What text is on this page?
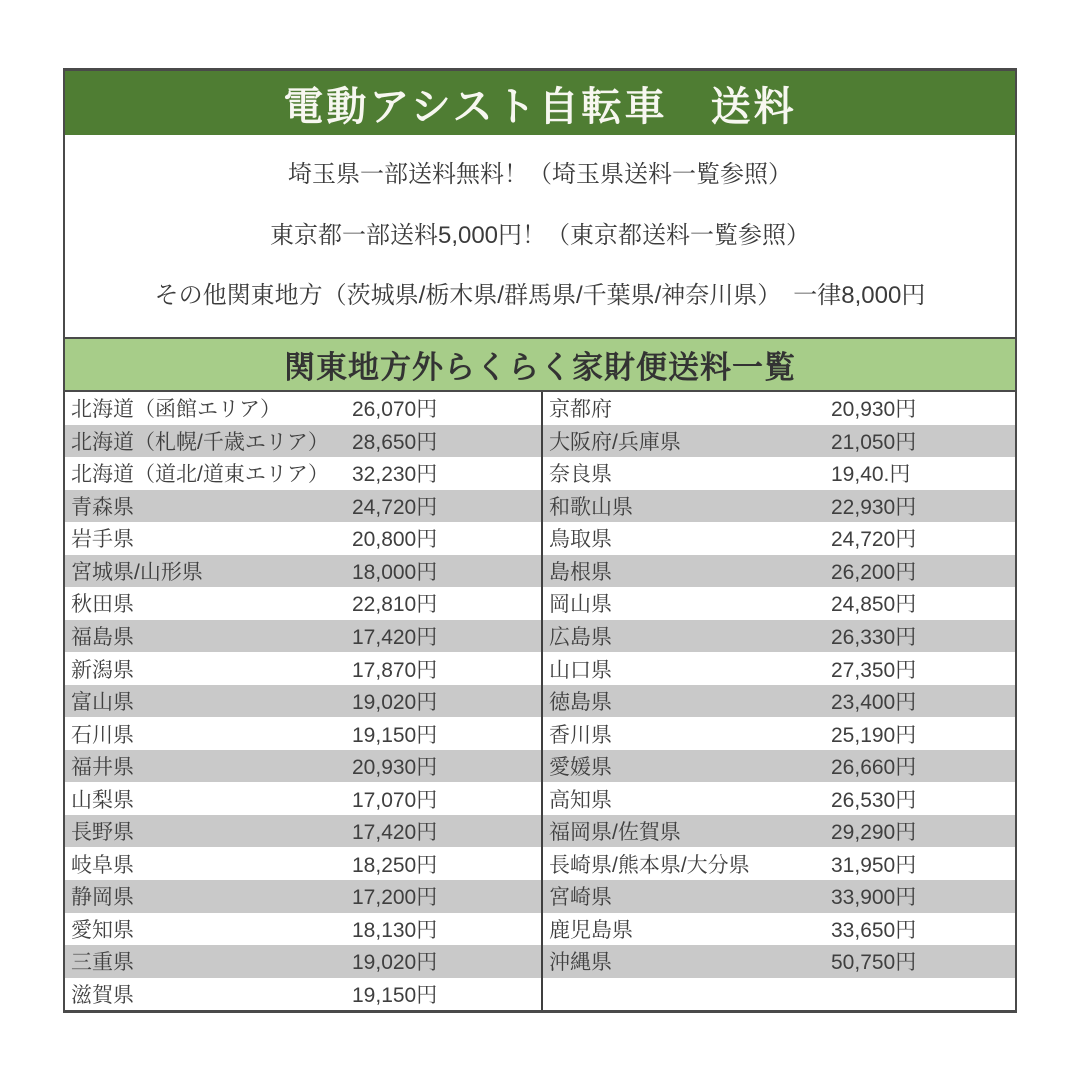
電動アシスト自転車　送料
埼玉県一部送料無料！（埼玉県送料一覧参照）
東京都一部送料5,000円！（東京都送料一覧参照）
その他関東地方（茨城県/栃木県/群馬県/千葉県/神奈川県）　一律8,000円
関東地方外らくらく家財便送料一覧
北海道（函館エリア）	26,070円	京都府	20,930円
北海道（札幌/千歳エリア）	28,650円	大阪府/兵庫県	21,050円
北海道（道北/道東エリア）	32,230円	奈良県	19,40.円
青森県	24,720円	和歌山県	22,930円
岩手県	20,800円	鳥取県	24,720円
宮城県/山形県	18,000円	島根県	26,200円
秋田県	22,810円	岡山県	24,850円
福島県	17,420円	広島県	26,330円
新潟県	17,870円	山口県	27,350円
富山県	19,020円	徳島県	23,400円
石川県	19,150円	香川県	25,190円
福井県	20,930円	愛媛県	26,660円
山梨県	17,070円	高知県	26,530円
長野県	17,420円	福岡県/佐賀県	29,290円
岐阜県	18,250円	長崎県/熊本県/大分県	31,950円
静岡県	17,200円	宮崎県	33,900円
愛知県	18,130円	鹿児島県	33,650円
三重県	19,020円	沖縄県	50,750円
滋賀県	19,150円
